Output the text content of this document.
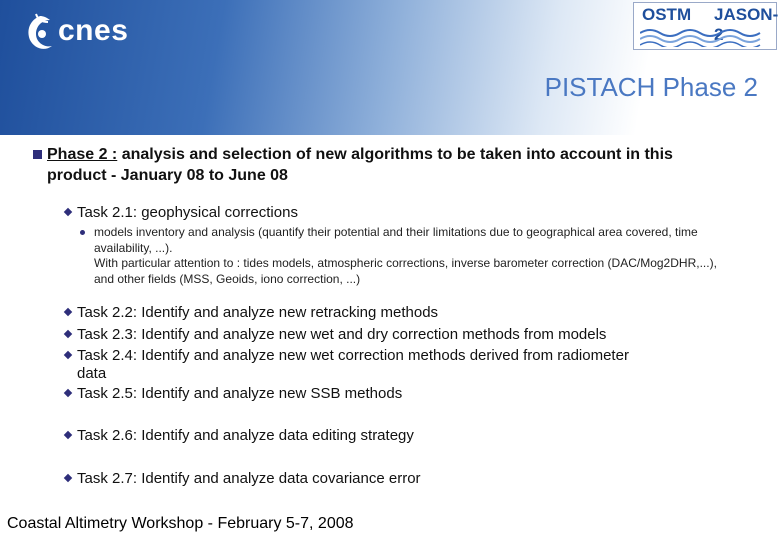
cnes	OSTM JASON-2
PISTACH Phase 2
Phase 2 : analysis and selection of new algorithms to be taken into account in this product - January 08 to June 08
Task 2.1: geophysical corrections
models inventory and analysis (quantify their potential and their limitations due to geographical area covered, time availability, ...).
With particular attention to : tides models, atmospheric corrections, inverse barometer correction (DAC/Mog2DHR,...), and other fields (MSS, Geoids, iono correction, ...)
Task 2.2: Identify and analyze new retracking methods
Task 2.3: Identify and analyze new wet and dry correction methods from models
Task 2.4: Identify and analyze new wet correction methods derived from radiometer data
Task 2.5: Identify and analyze new SSB methods
Task 2.6: Identify and analyze data editing strategy
Task 2.7: Identify and analyze data covariance error
Coastal Altimetry Workshop - February 5-7, 2008
